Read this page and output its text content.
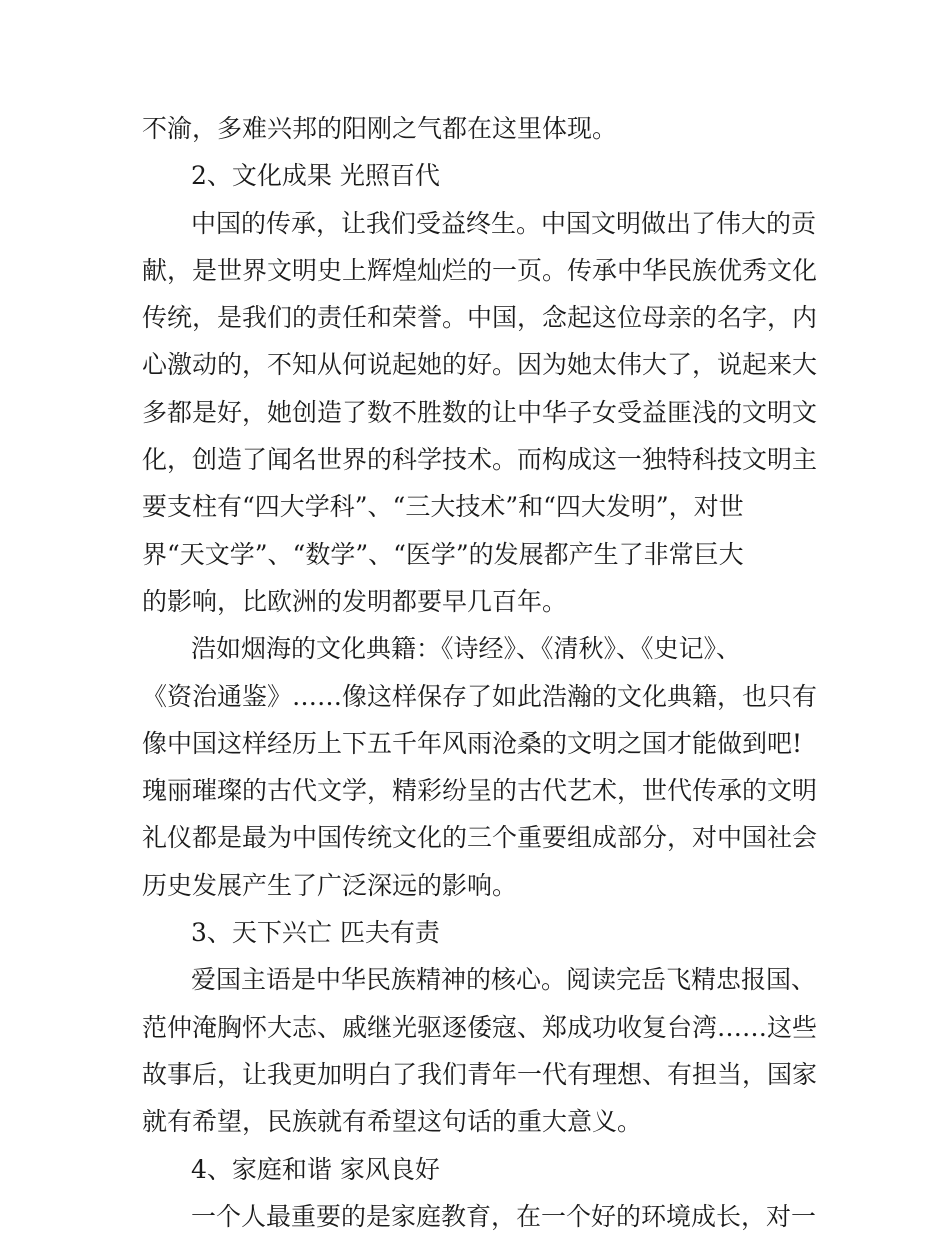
不渝，多难兴邦的阳刚之气都在这里体现。
2、文化成果 光照百代
中国的传承，让我们受益终生。中国文明做出了伟大的贡
献，是世界文明史上辉煌灿烂的一页。传承中华民族优秀文化
传统，是我们的责任和荣誉。中国，念起这位母亲的名字，内
心激动的，不知从何说起她的好。因为她太伟大了，说起来大
多都是好，她创造了数不胜数的让中华子女受益匪浅的文明文
化，创造了闻名世界的科学技术。而构成这一独特科技文明主
要支柱有“四大学科”、“三大技术”和“四大发明”，对世
界“天文学”、“数学”、“医学”的发展都产生了非常巨大
的影响，比欧洲的发明都要早几百年。
浩如烟海的文化典籍：《诗经》、《清秋》、《史记》、
《资治通鉴》……像这样保存了如此浩瀚的文化典籍，也只有
像中国这样经历上下五千年风雨沧桑的文明之国才能做到吧!
瑰丽璀璨的古代文学，精彩纷呈的古代艺术，世代传承的文明
礼仪都是最为中国传统文化的三个重要组成部分，对中国社会
历史发展产生了广泛深远的影响。
3、天下兴亡 匹夫有责
爱国主语是中华民族精神的核心。阅读完岳飞精忠报国、
范仲淹胸怀大志、戚继光驱逐倭寇、郑成功收复台湾……这些
故事后，让我更加明白了我们青年一代有理想、有担当，国家
就有希望，民族就有希望这句话的重大意义。
4、家庭和谐 家风良好
一个人最重要的是家庭教育，在一个好的环境成长，对一
